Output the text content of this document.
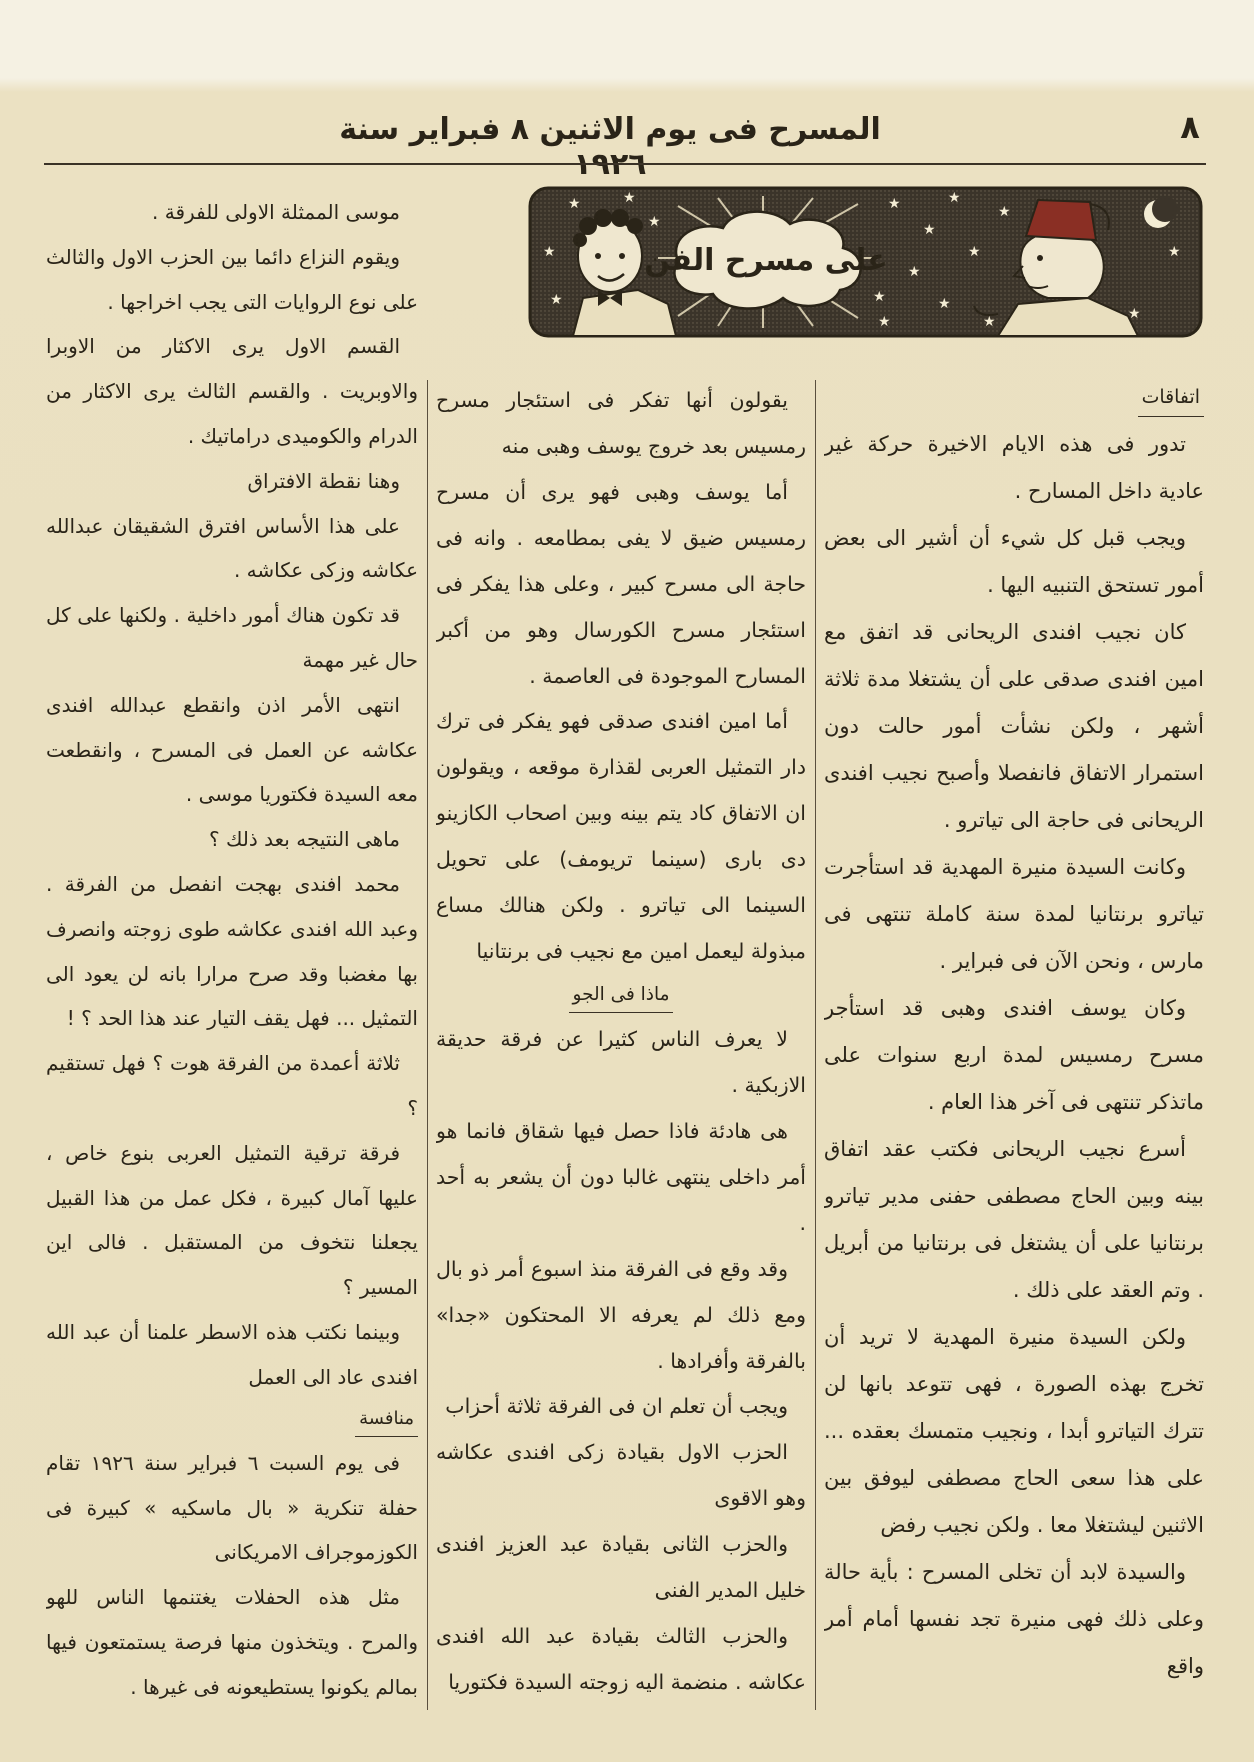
٨
المسرح فى يوم الاثنين ٨ فبراير سنة ١٩٢٦
★	★	★
★
★
★
★
★
★
★
★
★	★
★
★
★
★
على مسرح الفن
اتفاقات

تدور فى هذه الايام الاخيرة حركة غير عادية داخل المسارح .

ويجب قبل كل شيء أن أشير الى بعض أمور تستحق التنبيه اليها .

كان نجيب افندى الريحانى قد اتفق مع امين افندى صدقى على أن يشتغلا مدة ثلاثة أشهر ، ولكن نشأت أمور حالت دون استمرار الاتفاق فانفصلا وأصبح نجيب افندى الريحانى فى حاجة الى تياترو .

وكانت السيدة منيرة المهدية قد استأجرت تياترو برنتانيا لمدة سنة كاملة تنتهى فى مارس ، ونحن الآن فى فبراير .

وكان يوسف افندى وهبى قد استأجر مسرح رمسيس لمدة اربع سنوات على ماتذكر تنتهى فى آخر هذا العام .

أسرع نجيب الريحانى فكتب عقد اتفاق بينه وبين الحاج مصطفى حفنى مدير تياترو برنتانيا على أن يشتغل فى برنتانيا من أبريل . وتم العقد على ذلك .

ولكن السيدة منيرة المهدية لا تريد أن تخرج بهذه الصورة ، فهى تتوعد بانها لن تترك التياترو أبدا ، ونجيب متمسك بعقده ... على هذا سعى الحاج مصطفى ليوفق بين الاثنين ليشتغلا معا . ولكن نجيب رفض

والسيدة لابد أن تخلى المسرح : بأية حالة وعلى ذلك فهى منيرة تجد نفسها أمام أمر واقع

يقولون أنها تفكر فى استئجار مسرح رمسيس بعد خروج يوسف وهبى منه

أما يوسف وهبى فهو يرى أن مسرح رمسيس ضيق لا يفى بمطامعه . وانه فى حاجة الى مسرح كبير ، وعلى هذا يفكر فى استئجار مسرح الكورسال وهو من أكبر المسارح الموجودة فى العاصمة .

أما امين افندى صدقى فهو يفكر فى ترك دار التمثيل العربى لقذارة موقعه ، ويقولون ان الاتفاق كاد يتم بينه وبين اصحاب الكازينو دى بارى (سينما تريومف) على تحويل السينما الى تياترو . ولكن هنالك مساع مبذولة ليعمل امين مع نجيب فى برنتانيا

ماذا فى الجو

لا يعرف الناس كثيرا عن فرقة حديقة الازبكية .

هى هادئة فاذا حصل فيها شقاق فانما هو أمر داخلى ينتهى غالبا دون أن يشعر به أحد .

وقد وقع فى الفرقة منذ اسبوع أمر ذو بال ومع ذلك لم يعرفه الا المحتكون «جدا» بالفرقة وأفرادها .

ويجب أن تعلم ان فى الفرقة ثلاثة أحزاب

الحزب الاول بقيادة زكى افندى عكاشه وهو الاقوى

والحزب الثانى بقيادة عبد العزيز افندى خليل المدير الفنى

والحزب الثالث بقيادة عبد الله افندى عكاشه . منضمة اليه زوجته السيدة فكتوريا

موسى الممثلة الاولى للفرقة .

ويقوم النزاع دائما بين الحزب الاول والثالث على نوع الروايات التى يجب اخراجها .

القسم الاول يرى الاكثار من الاوبرا والاوبريت . والقسم الثالث يرى الاكثار من الدرام والكوميدى دراماتيك .

وهنا نقطة الافتراق

على هذا الأساس افترق الشقيقان عبدالله عكاشه وزكى عكاشه .

قد تكون هناك أمور داخلية . ولكنها على كل حال غير مهمة

انتهى الأمر اذن وانقطع عبدالله افندى عكاشه عن العمل فى المسرح ، وانقطعت معه السيدة فكتوريا موسى .

ماهى النتيجه بعد ذلك ؟

محمد افندى بهجت انفصل من الفرقة . وعبد الله افندى عكاشه طوى زوجته وانصرف بها مغضبا وقد صرح مرارا بانه لن يعود الى التمثيل ... فهل يقف التيار عند هذا الحد ؟ !

ثلاثة أعمدة من الفرقة هوت ؟ فهل تستقيم ؟

فرقة ترقية التمثيل العربى بنوع خاص ، عليها آمال كبيرة ، فكل عمل من هذا القبيل يجعلنا نتخوف من المستقبل . فالى اين المسير ؟

وبينما نكتب هذه الاسطر علمنا أن عبد الله افندى عاد الى العمل

منافسة

فى يوم السبت ٦ فبراير سنة ١٩٢٦ تقام حفلة تنكرية « بال ماسكيه » كبيرة فى الكوزموجراف الامريكانى

مثل هذه الحفلات يغتنمها الناس للهو والمرح . ويتخذون منها فرصة يستمتعون فيها بمالم يكونوا يستطيعونه فى غيرها .
